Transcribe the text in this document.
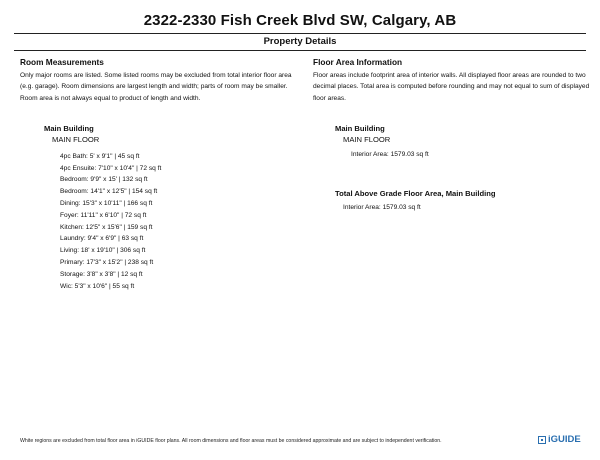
2322-2330 Fish Creek Blvd SW, Calgary, AB
Property Details
Room Measurements
Only major rooms are listed. Some listed rooms may be excluded from total interior floor area
(e.g. garage). Room dimensions are largest length and width; parts of room may be smaller.
Room area is not always equal to product of length and width.
Main Building
MAIN FLOOR
4pc Bath: 5' x 9'1" | 45 sq ft
4pc Ensuite: 7'10" x 10'4" | 72 sq ft
Bedroom: 9'9" x 15' | 132 sq ft
Bedroom: 14'1" x 12'5" | 154 sq ft
Dining: 15'3" x 10'11" | 166 sq ft
Foyer: 11'11" x 6'10" | 72 sq ft
Kitchen: 12'5" x 15'6" | 159 sq ft
Laundry: 9'4" x 6'9" | 63 sq ft
Living: 18' x 19'10" | 306 sq ft
Primary: 17'3" x 15'2" | 238 sq ft
Storage: 3'8" x 3'8" | 12 sq ft
Wic: 5'3" x 10'6" | 55 sq ft
Floor Area Information
Floor areas include footprint area of interior walls. All displayed floor areas are rounded to two
decimal places. Total area is computed before rounding and may not equal to sum of displayed
floor areas.
Main Building
MAIN FLOOR
Interior Area: 1579.03 sq ft
Total Above Grade Floor Area, Main Building
Interior Area: 1579.03 sq ft
White regions are excluded from total floor area in iGUIDE floor plans. All room dimensions and floor areas must be considered approximate and are subject to independent verification.	iGUIDE
